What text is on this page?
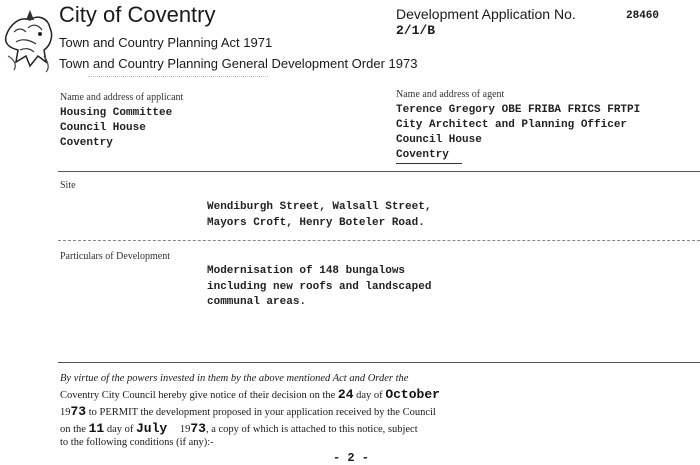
City of Coventry
Town and Country Planning Act 1971
Town and Country Planning General Development Order 1973
Development Application No.	28460
2/1/B
Name and address of applicant
Housing Committee
Council House
Coventry
Name and address of agent
Terence Gregory OBE FRIBA FRICS FRTPI
City Architect and Planning Officer
Council House
Coventry
Site
Wendiburgh Street, Walsall Street,
Mayors Croft, Henry Boteler Road.
Particulars of Development
Modernisation of 148 bungalows
including new roofs and landscaped
communal areas.
By virtue of the powers invested in them by the above mentioned Act and Order the
Coventry City Council hereby give notice of their decision on the 24 day of October
1973 to PERMIT the development proposed in your application received by the Council
on the 11 day of July 1973, a copy of which is attached to this notice, subject
to the following conditions (if any):-
- 2 -
